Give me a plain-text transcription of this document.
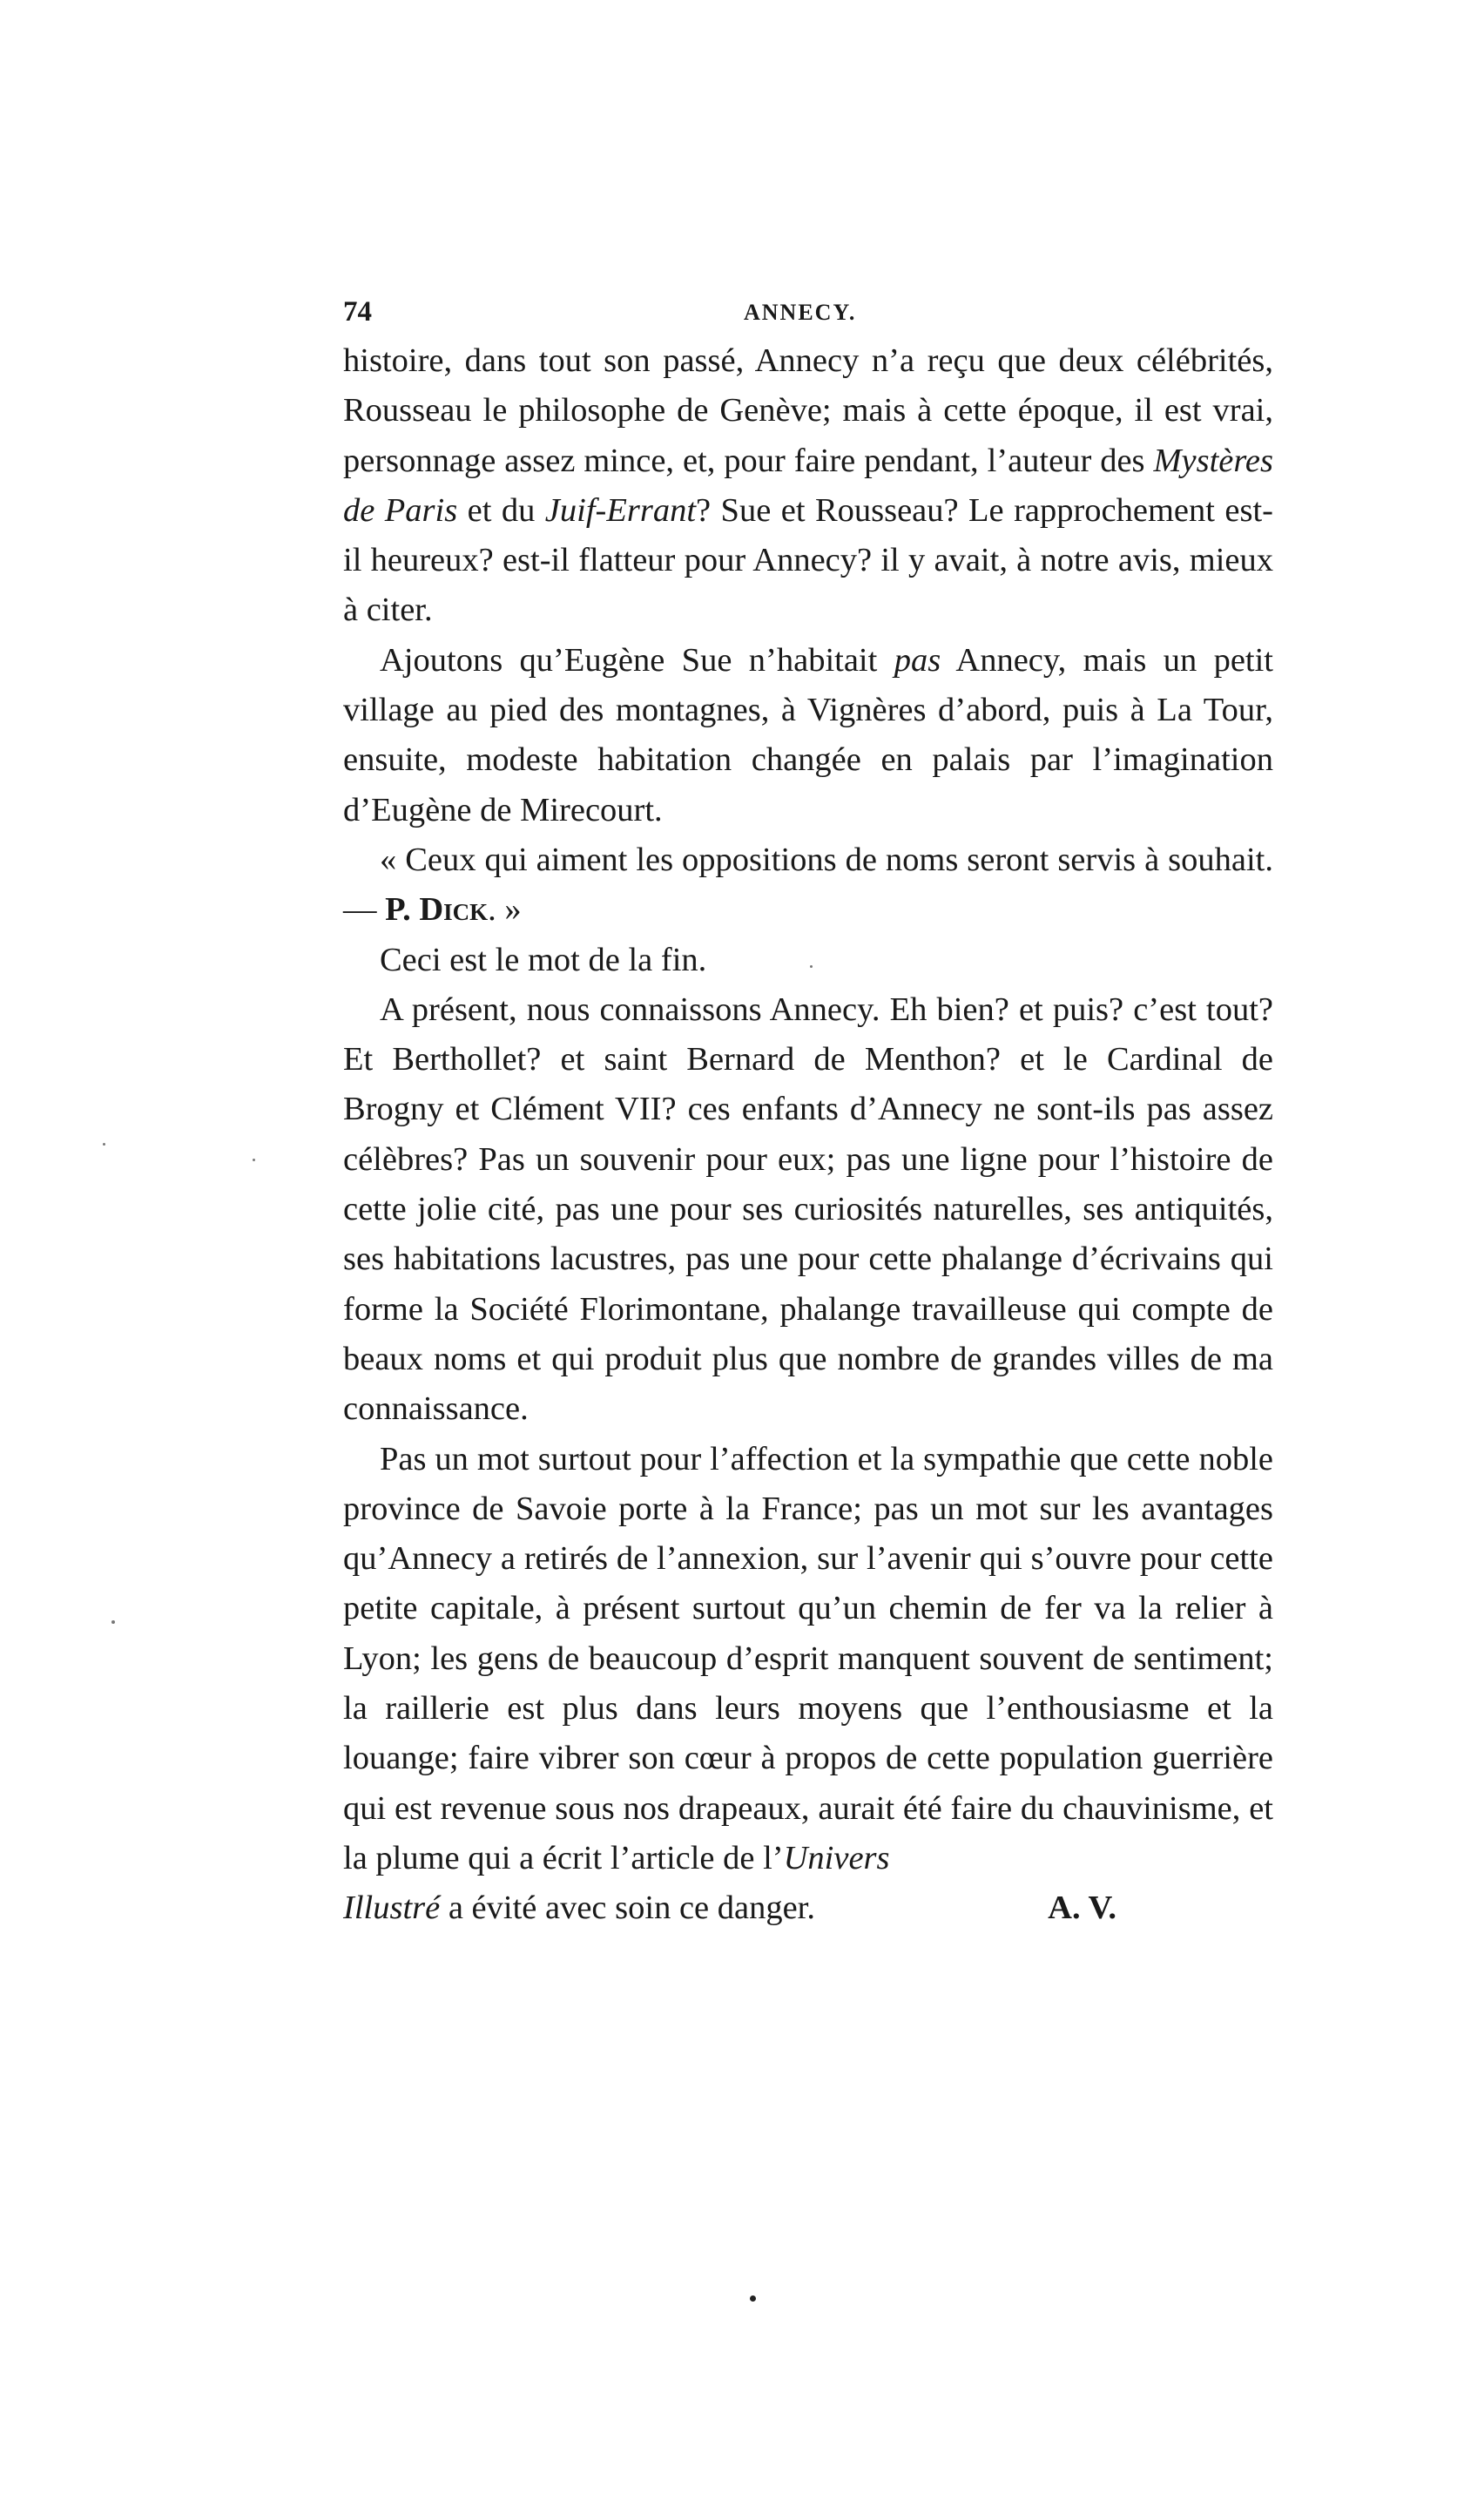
74	ANNECY.

histoire, dans tout son passé, Annecy n’a reçu que deux célébrités, Rousseau le philosophe de Genève; mais à cette époque, il est vrai, personnage assez mince, et, pour faire pendant, l’auteur des Mystères de Paris et du Juif-Errant? Sue et Rousseau? Le rapprochement est-il heureux? est-il flatteur pour Annecy? il y avait, à notre avis, mieux à citer.

Ajoutons qu’Eugène Sue n’habitait pas Annecy, mais un petit village au pied des montagnes, à Vignères d’abord, puis à La Tour, ensuite, modeste habitation changée en palais par l’imagination d’Eugène de Mirecourt.

« Ceux qui aiment les oppositions de noms seront servis à souhait. — P. Dick. »

Ceci est le mot de la fin.

A présent, nous connaissons Annecy. Eh bien? et puis? c’est tout? Et Berthollet? et saint Bernard de Menthon? et le Cardinal de Brogny et Clément VII? ces enfants d’Annecy ne sont-ils pas assez célèbres? Pas un souvenir pour eux; pas une ligne pour l’histoire de cette jolie cité, pas une pour ses curiosités naturelles, ses antiquités, ses habitations lacustres, pas une pour cette phalange d’écrivains qui forme la Société Florimontane, phalange travailleuse qui compte de beaux noms et qui produit plus que nombre de grandes villes de ma connaissance.

Pas un mot surtout pour l’affection et la sympathie que cette noble province de Savoie porte à la France; pas un mot sur les avantages qu’Annecy a retirés de l’annexion, sur l’avenir qui s’ouvre pour cette petite capitale, à présent surtout qu’un chemin de fer va la relier à Lyon; les gens de beaucoup d’esprit manquent souvent de sentiment; la raillerie est plus dans leurs moyens que l’enthousiasme et la louange; faire vibrer son cœur à propos de cette population guerrière qui est revenue sous nos drapeaux, aurait été faire du chauvinisme, et la plume qui a écrit l’article de l’Univers

Illustré a évité avec soin ce danger.	A. V.
